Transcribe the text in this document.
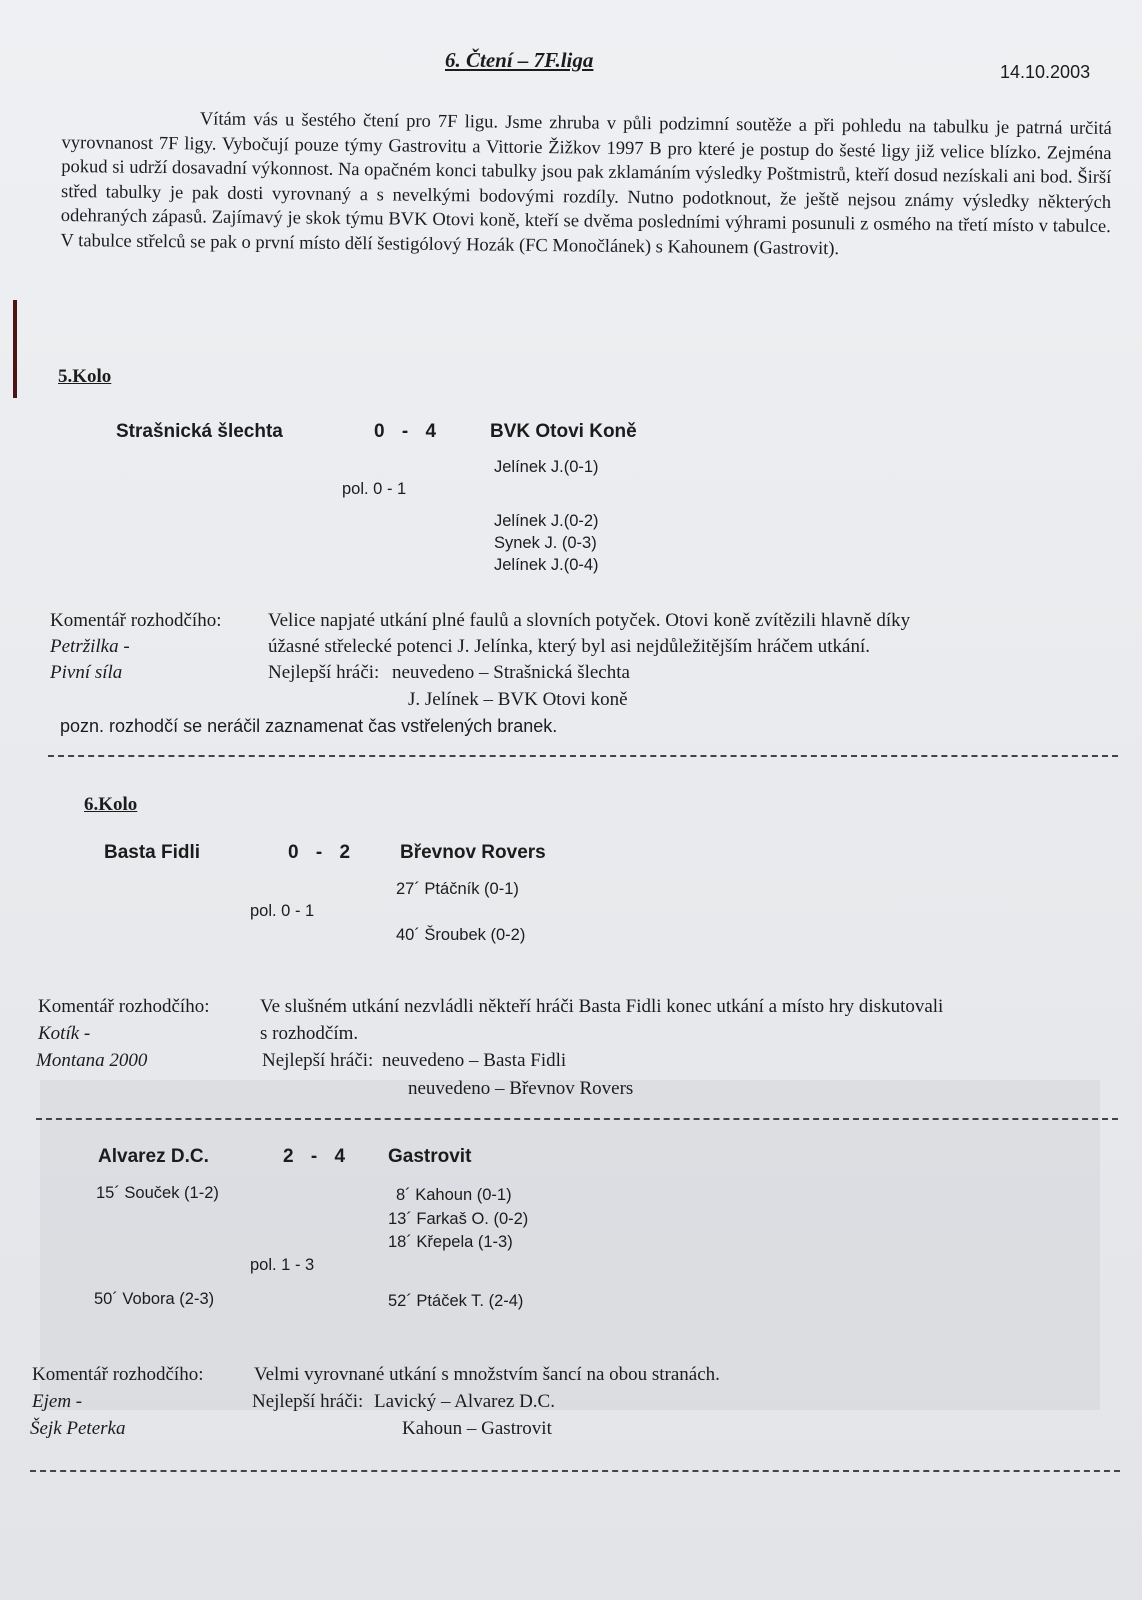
6. Čtení – 7F.liga	14.10.2003

Vítám vás u šestého čtení pro 7F ligu. Jsme zhruba v půli podzimní soutěže a při pohledu na tabulku je patrná určitá vyrovnanost 7F ligy. Vybočují pouze týmy Gastrovitu a Vittorie Žižkov 1997 B pro které je postup do šesté ligy již velice blízko. Zejména pokud si udrží dosavadní výkonnost. Na opačném konci tabulky jsou pak zklamáním výsledky Poštmistrů, kteří dosud nezískali ani bod. Širší střed tabulky je pak dosti vyrovnaný a s nevelkými bodovými rozdíly. Nutno podotknout, že ještě nejsou známy výsledky některých odehraných zápasů. Zajímavý je skok týmu BVK Otovi koně, kteří se dvěma posledními výhrami posunuli z osmého na třetí místo v tabulce. V tabulce střelců se pak o první místo dělí šestigólový Hozák (FC Monočlánek) s Kahounem (Gastrovit).

5.Kolo
Strašnická šlechta	0 - 4	BVK Otovi Koně
Jelínek J.(0-1)
pol. 0 - 1
Jelínek J.(0-2)
Synek J. (0-3)
Jelínek J.(0-4)
Komentář rozhodčího: Velice napjaté utkání plné faulů a slovních potyček. Otovi koně zvítězili hlavně díky
Petržilka -	úžasné střelecké potenci J. Jelínka, který byl asi nejdůležitějším hráčem utkání.
Pivní síla	Nejlepší hráči: neuvedeno – Strašnická šlechta
J. Jelínek – BVK Otovi koně
pozn. rozhodčí se neráčil zaznamenat čas vstřelených branek.
6.Kolo
Basta Fidli	0 - 2 Břevnov Rovers
27´ Ptáčník (0-1)
pol. 0 - 1
40´ Šroubek (0-2)
Komentář rozhodčího:	Ve slušném utkání nezvládli někteří hráči Basta Fidli konec utkání a místo hry diskutovali
Kotík -	s rozhodčím.
Montana 2000	Nejlepší hráči: neuvedeno – Basta Fidli
neuvedeno – Břevnov Rovers
Alvarez D.C.	2 - 4 Gastrovit
15´ Souček (1-2)	8´ Kahoun (0-1)
13´ Farkaš O. (0-2)
18´ Křepela (1-3)
pol. 1 - 3
50´ Vobora (2-3)	52´ Ptáček T. (2-4)
Komentář rozhodčího:	Velmi vyrovnané utkání s množstvím šancí na obou stranách.
Ejem -	Nejlepší hráči: Lavický – Alvarez D.C.
Šejk Peterka	Kahoun – Gastrovit
